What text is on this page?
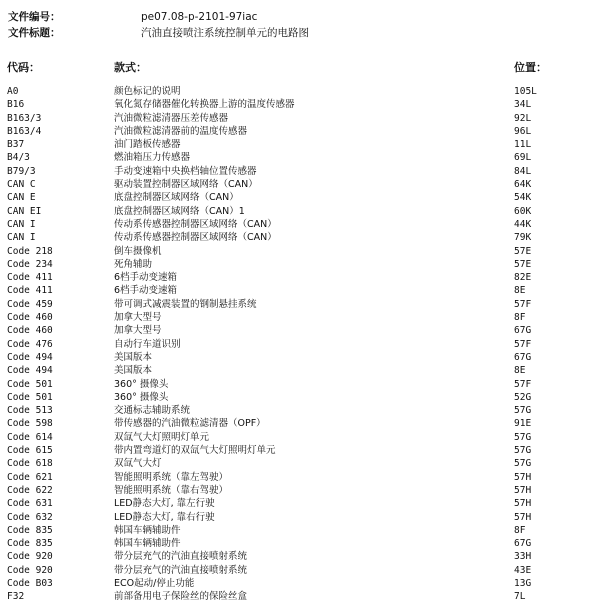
文件编号：	pe07.08-p-2101-97iac
文件标题：	汽油直接喷注系统控制单元的电路图
代码：	款式：	位置：
A0	颜色标记的说明	105L
B16	氧化氮存储器催化转换器上游的温度传感器	34L
B163/3	汽油微粒滤清器压差传感器	92L
B163/4	汽油微粒滤清器前的温度传感器	96L
B37	油门踏板传感器	11L
B4/3	燃油箱压力传感器	69L
B79/3	手动变速箱中央换档轴位置传感器	84L
CAN C	驱动装置控制器区域网络（CAN）	64K
CAN E	底盘控制器区域网络（CAN）	54K
CAN EI	底盘控制器区域网络（CAN）1	60K
CAN I	传动系传感器控制器区域网络（CAN）	44K
CAN I	传动系传感器控制器区域网络（CAN）	79K
Code 218	倒车摄像机	57E
Code 234	死角辅助	57E
Code 411	6档手动变速箱	82E
Code 411	6档手动变速箱	8E
Code 459	带可调式减震装置的钢制悬挂系统	57F
Code 460	加拿大型号	8F
Code 460	加拿大型号	67G
Code 476	自动行车道识别	57F
Code 494	美国版本	67G
Code 494	美国版本	8E
Code 501	360° 摄像头	57F
Code 501	360° 摄像头	52G
Code 513	交通标志辅助系统	57G
Code 598	带传感器的汽油微粒滤清器（OPF）	91E
Code 614	双氙气大灯照明灯单元	57G
Code 615	带内置弯道灯的双氙气大灯照明灯单元	57G
Code 618	双氙气大灯	57G
Code 621	智能照明系统（靠左驾驶）	57H
Code 622	智能照明系统（靠右驾驶）	57H
Code 631	LED静态大灯, 靠左行驶	57H
Code 632	LED静态大灯, 靠右行驶	57H
Code 835	韩国车辆辅助件	8F
Code 835	韩国车辆辅助件	67G
Code 920	带分层充气的汽油直接喷射系统	33H
Code 920	带分层充气的汽油直接喷射系统	43E
Code B03	ECO起动/停止功能	13G
F32	前部备用电子保险丝的保险丝盒	7L
